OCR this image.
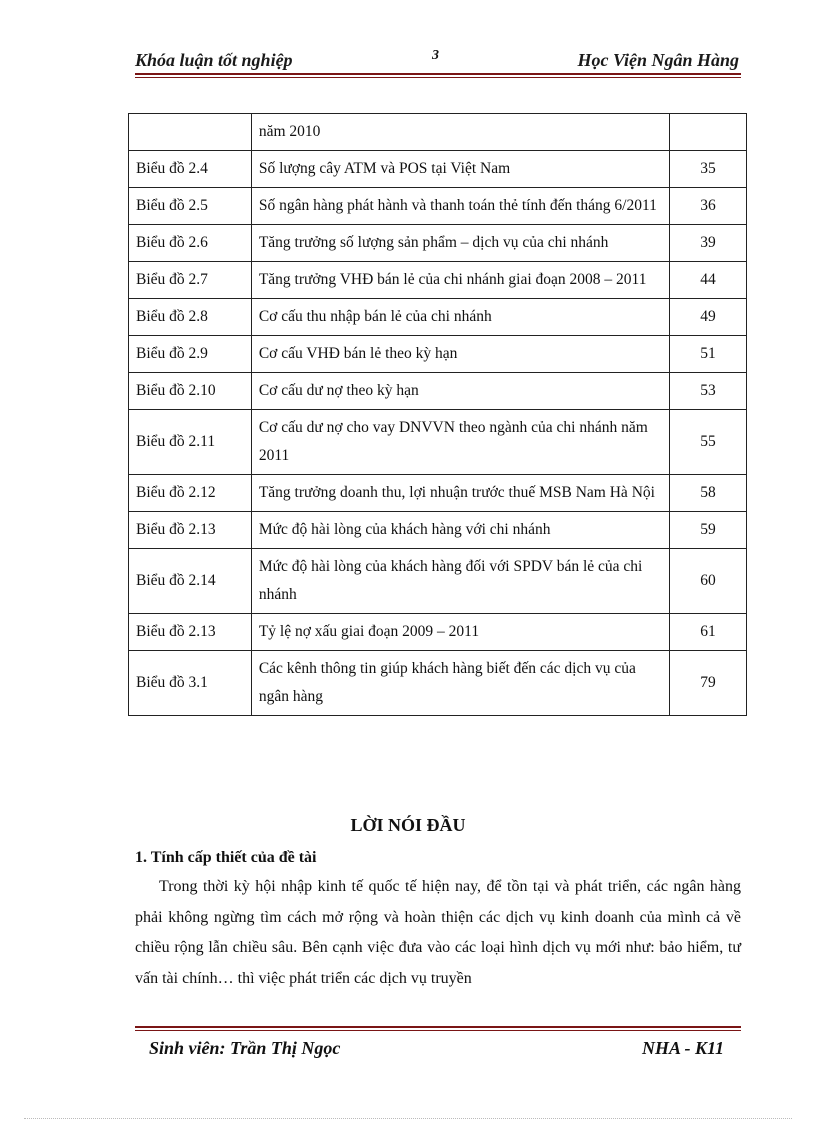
Khóa luận tốt nghiệp	3	Học Viện Ngân Hàng
	năm 2010	
Biểu đồ 2.4	Số lượng cây ATM và POS tại Việt Nam	35
Biểu đồ 2.5	Số ngân hàng phát hành và thanh toán thẻ tính đến tháng 6/2011	36
Biểu đồ 2.6	Tăng trưởng số lượng sản phẩm – dịch vụ của chi nhánh	39
Biểu đồ 2.7	Tăng trưởng VHĐ bán lẻ của chi nhánh giai đoạn 2008 – 2011	44
Biểu đồ 2.8	Cơ cấu thu nhập bán lẻ của chi nhánh	49
Biểu đồ 2.9	Cơ cấu VHĐ bán lẻ theo kỳ hạn	51
Biểu đồ 2.10	Cơ cấu dư nợ theo kỳ hạn	53
Biểu đồ 2.11	Cơ cấu dư nợ cho vay DNVVN theo ngành của chi nhánh năm 2011	55
Biểu đồ 2.12	Tăng trưởng doanh thu, lợi nhuận trước thuế MSB Nam Hà Nội	58
Biểu đồ 2.13	Mức độ hài lòng của khách hàng với chi nhánh	59
Biểu đồ 2.14	Mức độ hài lòng của khách hàng đối với SPDV bán lẻ của chi nhánh	60
Biểu đồ 2.13	Tỷ lệ nợ xấu giai đoạn 2009 – 2011	61
Biểu đồ 3.1	Các kênh thông tin giúp khách hàng biết đến các dịch vụ của ngân hàng	79
LỜI NÓI ĐẦU
1. Tính cấp thiết của đề tài
Trong thời kỳ hội nhập kinh tế quốc tế hiện nay, để tồn tại và phát triển, các ngân hàng phải không ngừng tìm cách mở rộng và hoàn thiện các dịch vụ kinh doanh của mình cả về chiều rộng lẫn chiều sâu. Bên cạnh việc đưa vào các loại hình dịch vụ mới như: bảo hiểm, tư vấn tài chính… thì việc phát triển các dịch vụ truyền
Sinh viên: Trần Thị Ngọc	NHA - K11
